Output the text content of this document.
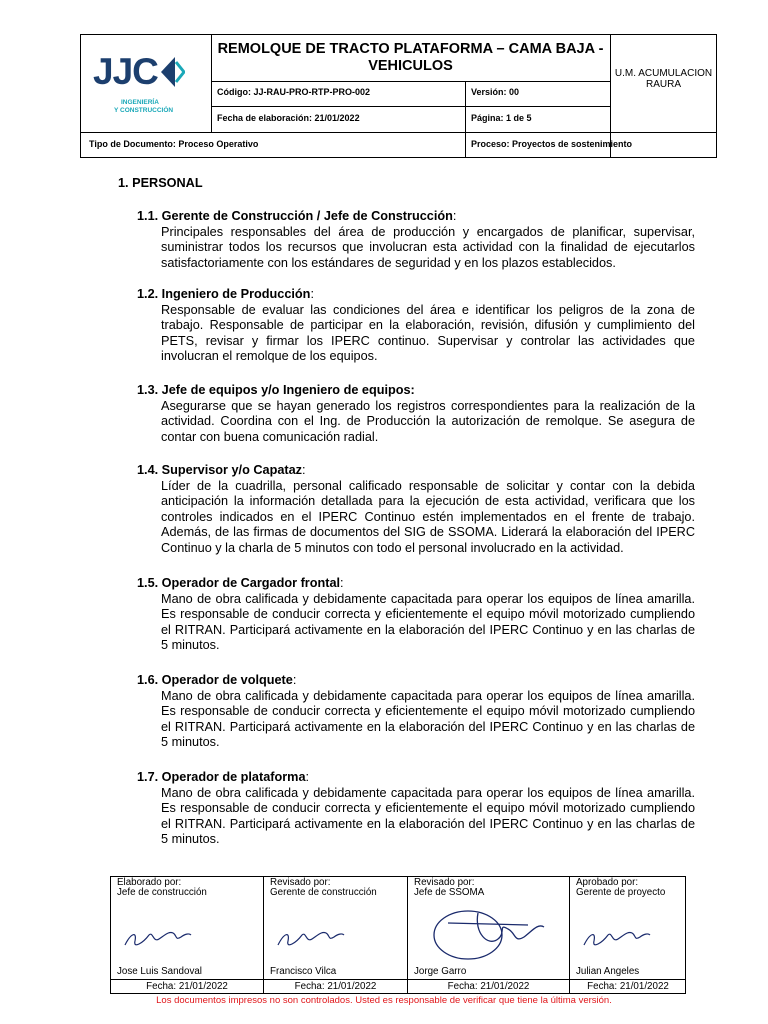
JJC
INGENIERÍA
Y CONSTRUCCIÓN
REMOLQUE DE TRACTO PLATAFORMA – CAMA BAJA - VEHICULOS
Código: JJ-RAU-PRO-RTP-PRO-002	Versión: 00
Fecha de elaboración: 21/01/2022	Página: 1 de 5
U.M. ACUMULACION RAURA
Tipo de Documento: Proceso Operativo	Proceso: Proyectos de sostenimiento
1. PERSONAL
1.1. Gerente de Construcción / Jefe de Construcción:
Principales responsables del área de producción y encargados de planificar, supervisar, suministrar todos los recursos que involucran esta actividad con la finalidad de ejecutarlos satisfactoriamente con los estándares de seguridad y en los plazos establecidos.
1.2. Ingeniero de Producción:
Responsable de evaluar las condiciones del área e identificar los peligros de la zona de trabajo. Responsable de participar en la elaboración, revisión, difusión y cumplimiento del PETS, revisar y firmar los IPERC continuo. Supervisar y controlar las actividades que involucran el remolque de los equipos.
1.3. Jefe de equipos y/o Ingeniero de equipos:
Asegurarse que se hayan generado los registros correspondientes para la realización de la actividad. Coordina con el Ing. de Producción la autorización de remolque. Se asegura de contar con buena comunicación radial.
1.4. Supervisor y/o Capataz:
Líder de la cuadrilla, personal calificado responsable de solicitar y contar con la debida anticipación la información detallada para la ejecución de esta actividad, verificara que los controles indicados en el IPERC Continuo estén implementados en el frente de trabajo. Además, de las firmas de documentos del SIG de SSOMA. Liderará la elaboración del IPERC Continuo y la charla de 5 minutos con todo el personal involucrado en la actividad.
1.5. Operador de Cargador frontal:
Mano de obra calificada y debidamente capacitada para operar los equipos de línea amarilla. Es responsable de conducir correcta y eficientemente el equipo móvil motorizado cumpliendo el RITRAN. Participará activamente en la elaboración del IPERC Continuo y en las charlas de 5 minutos.
1.6. Operador de volquete:
Mano de obra calificada y debidamente capacitada para operar los equipos de línea amarilla. Es responsable de conducir correcta y eficientemente el equipo móvil motorizado cumpliendo el RITRAN. Participará activamente en la elaboración del IPERC Continuo y en las charlas de 5 minutos.
1.7. Operador de plataforma:
Mano de obra calificada y debidamente capacitada para operar los equipos de línea amarilla. Es responsable de conducir correcta y eficientemente el equipo móvil motorizado cumpliendo el RITRAN. Participará activamente en la elaboración del IPERC Continuo y en las charlas de 5 minutos.
Elaborado por:
Jefe de construcción
Jose Luis Sandoval
Revisado por:
Gerente de construcción
Francisco Vilca
Revisado por:
Jefe de SSOMA
Jorge Garro
Aprobado por:
Gerente de proyecto
Julian Angeles
Fecha: 21/01/2022	Fecha: 21/01/2022	Fecha: 21/01/2022	Fecha: 21/01/2022
Los documentos impresos no son controlados. Usted es responsable de verificar que tiene la última versión.
